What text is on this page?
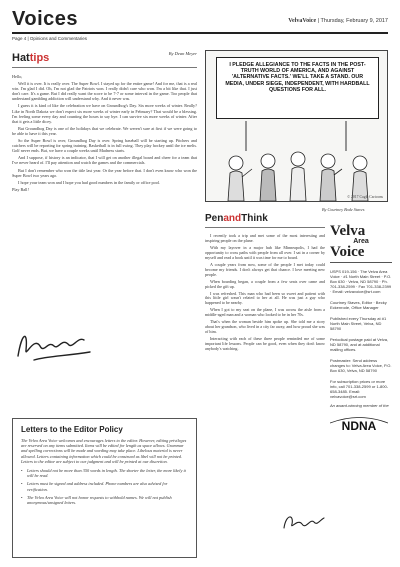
Voices	VelvaVoice | Thursday, February 9, 2017
Page 4 | Opinions and Commentaries
Hattips	By Dean Meyer

Hello,

Well it is over. It is really over. The Super Bowl. I stayed up for the entire game! And for me, that is a real win. I'm glad I did. Oh, I'm not glad the Patriots won. I really didn't care who won. I'm a bit like that. I just don't care. It's a game. But I did really want the score to be 7-7 or some interval in the game. Too people that understand gambling addiction will understand why. And it never was.

I guess it is kind of like the celebration we have on Groundhog's Day. Six more weeks of winter. Really? Like in North Dakota we don't expect six more weeks of winter early in February? That would be a blessing. I'm feeling some every day and counting the hours to say bye. I can survive six more weeks of winter. After that it gets a little dicey.

But Groundhog Day is one of the holidays that we celebrate. We weren't sure at first if we were going to be able to have it this year.

So the Super Bowl is over, Groundhog Day is over. Spring baseball will be starting up. Pitchers and catchers will be reporting for spring training. Basketball is in full swing. They play hockey until the ice melts. Golf never ends. But, we have a couple weeks until Madness starts.

And I suppose, if history is an indicator, that I will get on another illegal board and cheer for a team that I've never heard of. I'll pay attention and watch the games and the commercials.

But I don't remember who won the title last year. Or the year before that. I don't even know who won the Super Bowl two years ago.

I hope your team won and I hope you had good numbers in the family or office pool.

Play Ball!

Letters to the Editor Policy

The Velva Area Voice welcomes and encourages letters to the editor. However, editing privileges are reserved on any items submitted. Items will be edited for length as space allows. Grammar and spelling corrections will be made and wording may take place. Libelous material is never allowed. Letters containing information which could be construed as libel will not be printed. Letters to the editor are subject to our judgment and will be printed at our discretion.

• Letters should not be more than 350 words in length. The shorter the letter, the more likely it will be read.
• Letters must be signed and address included. Phone numbers are also advised for verification.
• The Velva Area Voice will not honor requests to withhold names. We will not publish anonymous/unsigned letters.
I PLEDGE ALLEGIANCE TO THE FACTS IN THE POST-TRUTH WORLD OF AMERICA, AND AGAINST 'ALTERNATIVE FACTS.' WE'LL TAKE A STAND. OUR MEDIA, UNDER SIEGE, INDEPENDENT, WITH HARDBALL QUESTIONS FOR ALL.
© 2017 Cagle Cartoons
PenandThink

I recently took a trip and met some of the most interesting and inspiring people on the plane.

With my layover in a major hub like Minneapolis, I had the opportunity to cross paths with people from all over. I sat in a corner by myself and read a book until it was time for me to board.

A couple years from now, some of the people I met today could become my friends. I don't always get that chance. I love meeting new people.

When boarding began, a couple from a few seats over came and picked the gift up.

I was refreshed. This man who had been so sweet and patient with this little girl wasn't related to her at all. He was just a guy who happened to be nearby.

When I got to my seat on the plane, I was across the aisle from a middle-aged man and a woman who looked to be in her 70s.

That's when the woman beside him spoke up. She told me a story about her grandson, who lived in a city far away, and how proud she was of him.

Interacting with each of these three people reminded me of some important life lessons. People can be good, even when they don't know anybody's watching.

By Courtney Bode Staves
Velva
Area
Voice
USPS 019-156 · The Velva Area Voice · #1 North Main Street · P.O. Box 630 · Velva, ND 58790 · Ph. 701-338-2599 · Fax 701-338-2399 · Email: velvavoice@srt.com
Courtney Staves, Editor · Becky Eckenrode, Office Manager
Published every Thursday at #1 North Main Street, Velva, ND 58790
Periodical postage paid at Velva, ND 58790, and at additional mailing offices.
Postmaster: Send address changes to: Velva Area Voice, P.O. Box 630, Velva, ND 58790
For subscription prices or more info, call 701-338-2599 or 1-800-658-3485. Email: velvavoice@srt.com
An award-winning member of the
NDNA
